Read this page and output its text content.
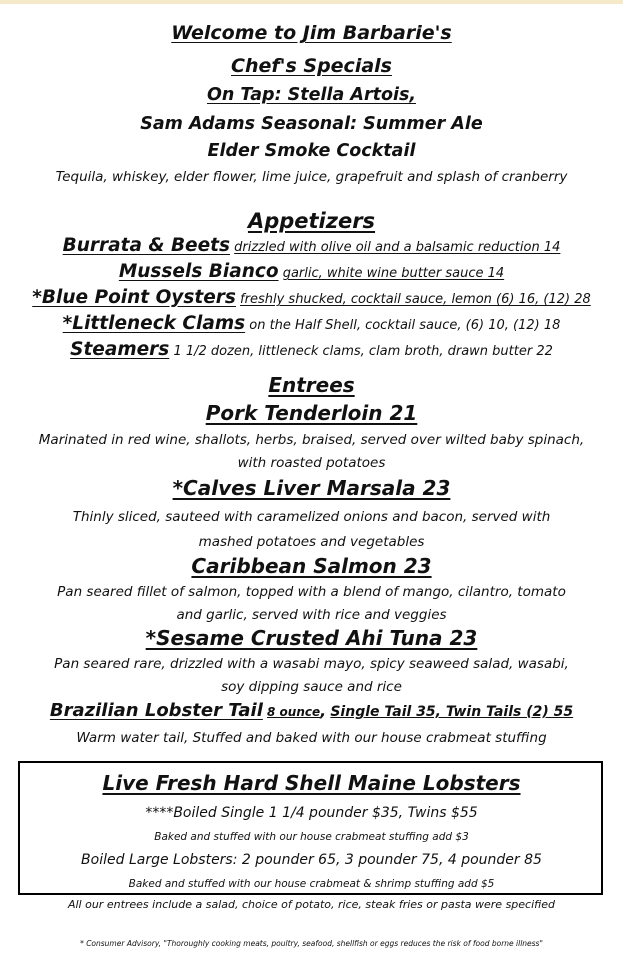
Welcome to Jim Barbarie's
Chef's Specials
On Tap: Stella Artois,
Sam Adams Seasonal: Summer Ale
Elder Smoke Cocktail
Tequila, whiskey, elder flower, lime juice, grapefruit and splash of cranberry
Appetizers
Burrata & Beets drizzled with olive oil and a balsamic reduction 14
Mussels Bianco garlic, white wine butter sauce 14
*Blue Point Oysters freshly shucked, cocktail sauce, lemon (6) 16, (12) 28
*Littleneck Clams on the Half Shell, cocktail sauce, (6) 10, (12) 18
Steamers 1 1/2 dozen, littleneck clams, clam broth, drawn butter 22
Entrees
Pork Tenderloin 21
Marinated in red wine, shallots, herbs, braised, served over wilted baby spinach,
with roasted potatoes
*Calves Liver Marsala 23
Thinly sliced, sauteed with caramelized onions and bacon, served with
mashed potatoes and vegetables
Caribbean Salmon 23
Pan seared fillet of salmon, topped with a blend of mango, cilantro, tomato
and garlic, served with rice and veggies
*Sesame Crusted Ahi Tuna 23
Pan seared rare, drizzled with a wasabi mayo, spicy seaweed salad, wasabi,
soy dipping sauce and rice
Brazilian Lobster Tail 8 ounce, Single Tail 35, Twin Tails (2) 55
Warm water tail, Stuffed and baked with our house crabmeat stuffing
Live Fresh Hard Shell Maine Lobsters
****Boiled Single 1 1/4 pounder $35, Twins $55
Baked and stuffed with our house crabmeat stuffing add $3
Boiled Large Lobsters: 2 pounder 65, 3 pounder 75, 4 pounder 85
Baked and stuffed with our house crabmeat & shrimp stuffing add $5
All our entrees include a salad, choice of potato, rice, steak fries or pasta were specified
* Consumer Advisory, "Thoroughly cooking meats, poultry, seafood, shellfish or eggs reduces the risk of food borne illness"
